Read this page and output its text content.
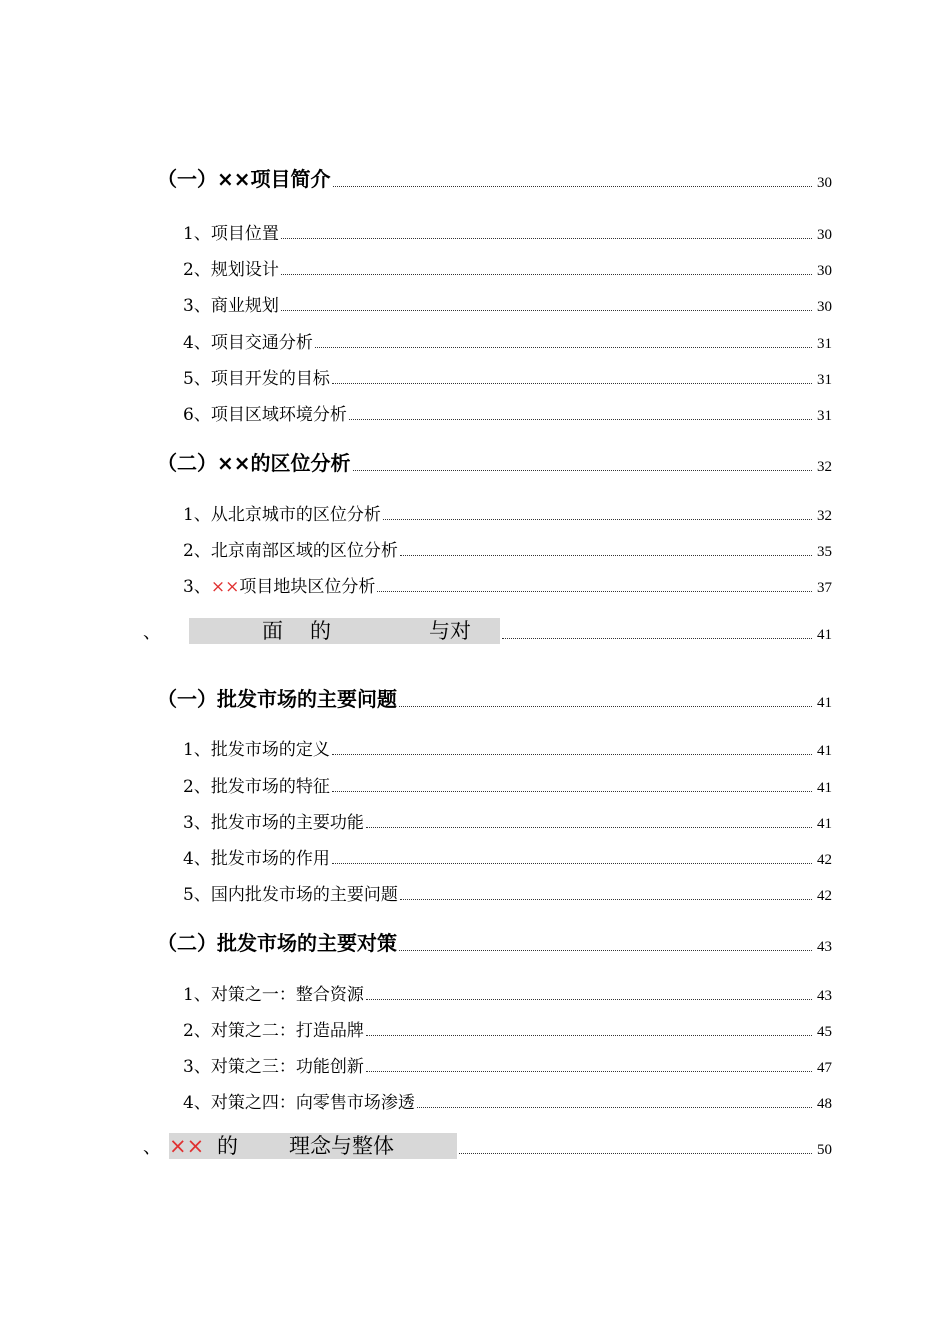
（一）××项目简介	30
1、项目位置	30
2、规划设计	30
3、商业规划	30
4、项目交通分析	31
5、项目开发的目标	31
6、项目区域环境分析	31
（二）××的区位分析	32
1、从北京城市的区位分析	32
2、北京南部区域的区位分析	35
3、××项目地块区位分析	37
、	面 的	与对	41
（一）批发市场的主要问题	41
1、批发市场的定义	41
2、批发市场的特征	41
3、批发市场的主要功能	41
4、批发市场的作用	42
5、国内批发市场的主要问题	42
（二）批发市场的主要对策	43
1、对策之一：整合资源	43
2、对策之二：打造品牌	45
3、对策之三：功能创新	47
4、对策之四：向零售市场渗透	48
、 ×× 的 理念与整体	50
